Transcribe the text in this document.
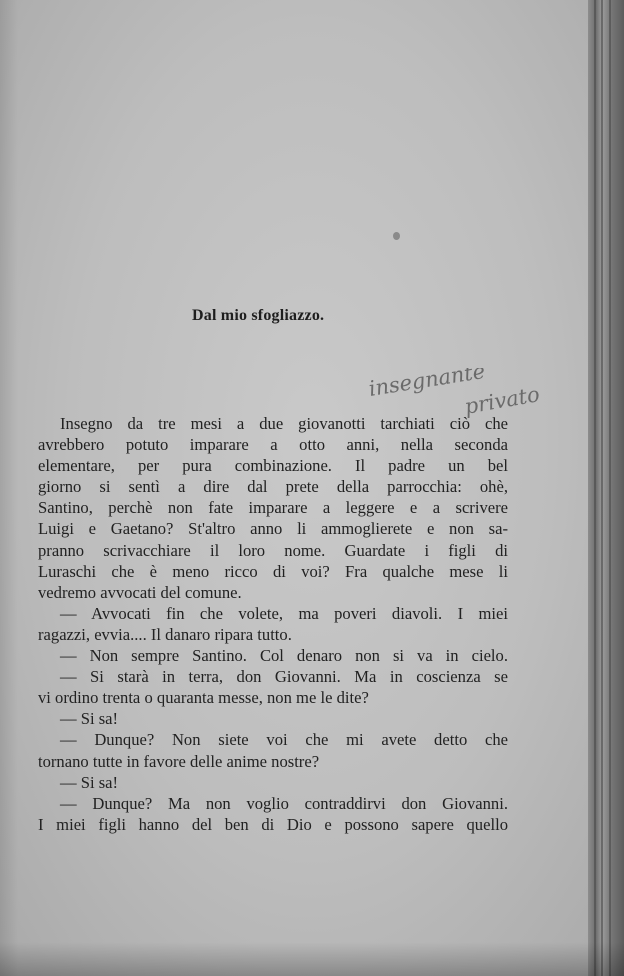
Dal mio sfogliazzo.
insegnante
privato
Insegno da tre mesi a due giovanotti tarchiati ciò che
avrebbero potuto imparare a otto anni, nella seconda
elementare, per pura combinazione. Il padre un bel
giorno si sentì a dire dal prete della parrocchia: ohè,
Santino, perchè non fate imparare a leggere e a scrivere
Luigi e Gaetano? St'altro anno li ammoglierete e non sa-
pranno scrivacchiare il loro nome. Guardate i figli di
Luraschi che è meno ricco di voi? Fra qualche mese li
vedremo avvocati del comune.
— Avvocati fin che volete, ma poveri diavoli. I miei
ragazzi, evvia.... Il danaro ripara tutto.
— Non sempre Santino. Col denaro non si va in cielo.
— Si starà in terra, don Giovanni. Ma in coscienza se
vi ordino trenta o quaranta messe, non me le dite?
— Si sa!
— Dunque? Non siete voi che mi avete detto che
tornano tutte in favore delle anime nostre?
— Si sa!
— Dunque? Ma non voglio contraddirvi don Giovanni.
I miei figli hanno del ben di Dio e possono sapere quello
